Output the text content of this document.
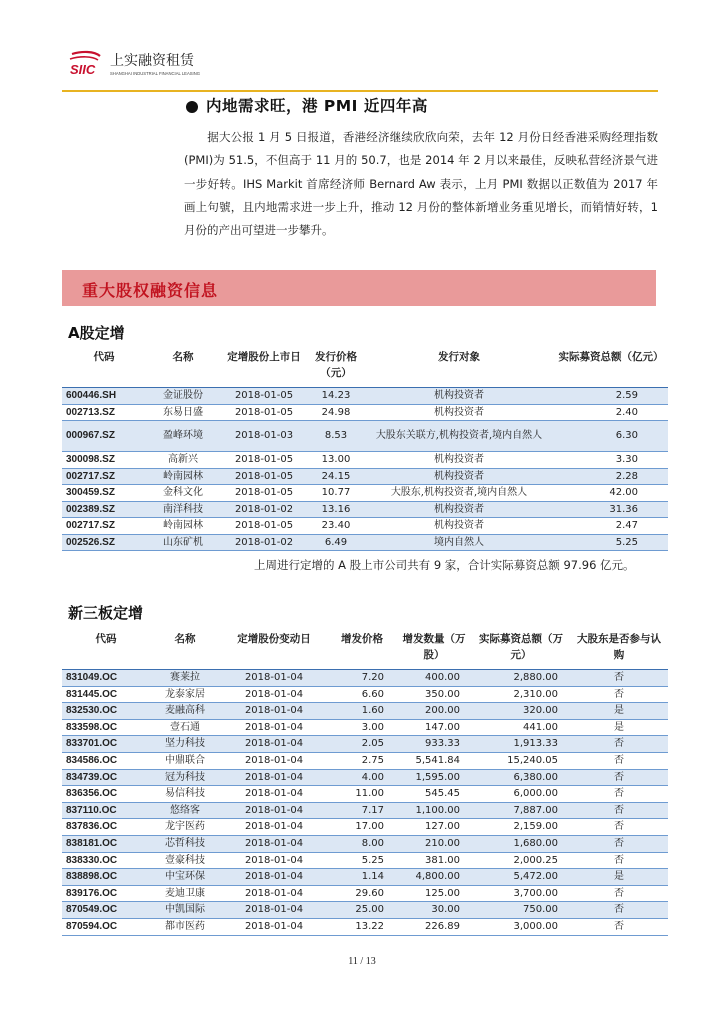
SIIC
上实融资租赁
SHANGHAI INDUSTRIAL FINANCIAL LEASING
内地需求旺，港 PMI 近四年高
据大公报 1 月 5 日报道，香港经济继续欣欣向荣，去年 12 月份日经香港采购经理指数(PMI)为 51.5，不但高于 11 月的 50.7，也是 2014 年 2 月以来最佳，反映私营经济景气进一步好转。IHS Markit 首席经济师 Bernard Aw 表示，上月 PMI 数据以正数值为 2017 年画上句號，且内地需求进一步上升，推动 12 月份的整体新增业务重见增长，而销情好转，1 月份的产出可望进一步攀升。
重大股权融资信息
A股定增
代码	名称	定增股份上市日	发行价格（元）	发行对象	实际募资总额（亿元）
600446.SH	金证股份	2018-01-05	14.23	机构投资者	2.59
002713.SZ	东易日盛	2018-01-05	24.98	机构投资者	2.40
000967.SZ	盈峰环境	2018-01-03	8.53	大股东关联方,机构投资者,境内自然人	6.30
300098.SZ	高新兴	2018-01-05	13.00	机构投资者	3.30
002717.SZ	岭南园林	2018-01-05	24.15	机构投资者	2.28
300459.SZ	金科文化	2018-01-05	10.77	大股东,机构投资者,境内自然人	42.00
002389.SZ	南洋科技	2018-01-02	13.16	机构投资者	31.36
002717.SZ	岭南园林	2018-01-05	23.40	机构投资者	2.47
002526.SZ	山东矿机	2018-01-02	6.49	境内自然人	5.25
上周进行定增的 A 股上市公司共有 9 家，合计实际募资总额 97.96 亿元。
新三板定增
代码	名称	定增股份变动日	增发价格	增发数量（万股）	实际募资总额（万元）	大股东是否参与认购
831049.OC	赛莱拉	2018-01-04	7.20	400.00	2,880.00	否
831445.OC	龙泰家居	2018-01-04	6.60	350.00	2,310.00	否
832530.OC	麦融高科	2018-01-04	1.60	200.00	320.00	是
833598.OC	壹石通	2018-01-04	3.00	147.00	441.00	是
833701.OC	坚力科技	2018-01-04	2.05	933.33	1,913.33	否
834586.OC	中鼎联合	2018-01-04	2.75	5,541.84	15,240.05	否
834739.OC	冠为科技	2018-01-04	4.00	1,595.00	6,380.00	否
836356.OC	易信科技	2018-01-04	11.00	545.45	6,000.00	否
837110.OC	悠络客	2018-01-04	7.17	1,100.00	7,887.00	否
837836.OC	龙宇医药	2018-01-04	17.00	127.00	2,159.00	否
838181.OC	芯哲科技	2018-01-04	8.00	210.00	1,680.00	否
838330.OC	壹豪科技	2018-01-04	5.25	381.00	2,000.25	否
838898.OC	中宝环保	2018-01-04	1.14	4,800.00	5,472.00	是
839176.OC	麦迪卫康	2018-01-04	29.60	125.00	3,700.00	否
870549.OC	中凯国际	2018-01-04	25.00	30.00	750.00	否
870594.OC	都市医药	2018-01-04	13.22	226.89	3,000.00	否
11 / 13
